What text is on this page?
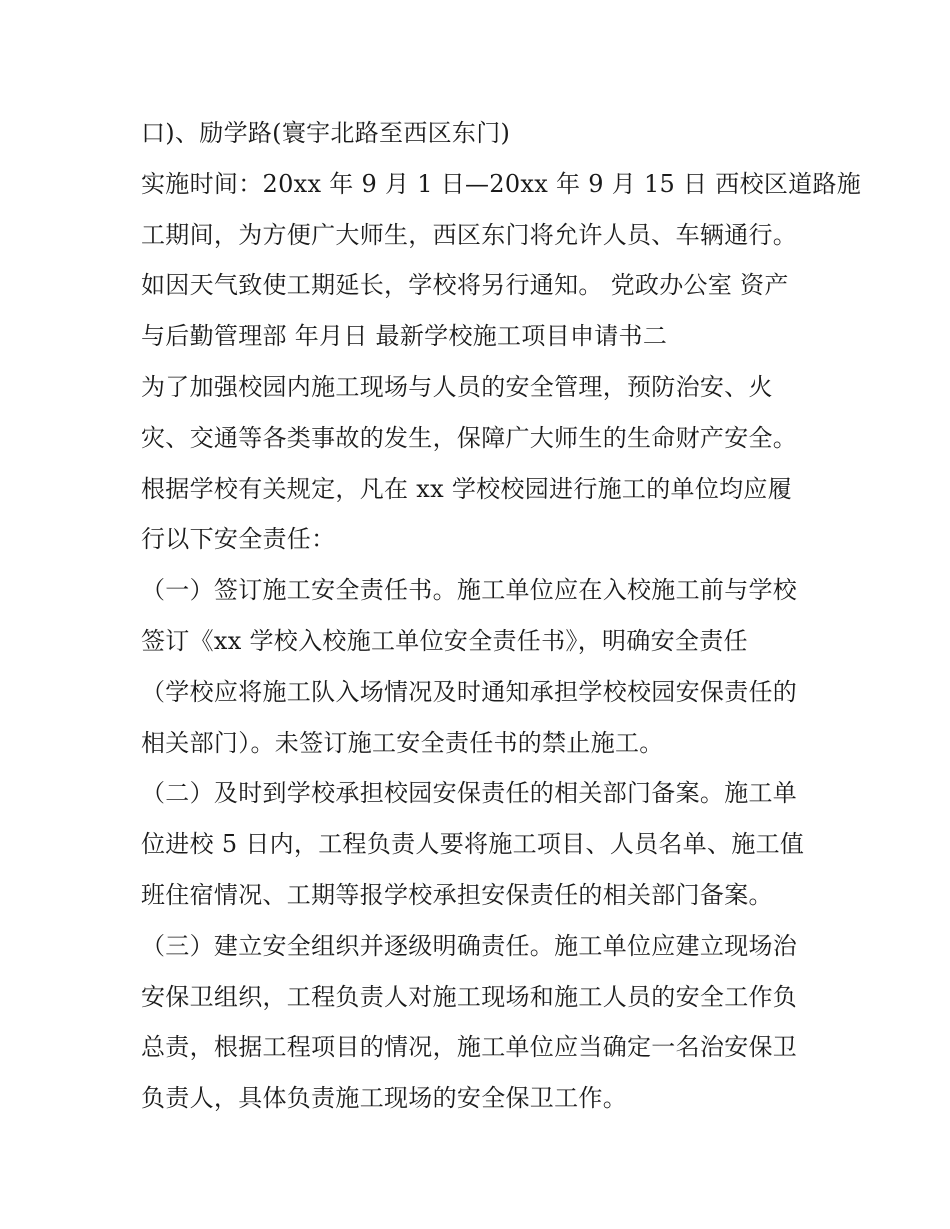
口)、励学路(寰宇北路至西区东门)
实施时间：20xx 年 9 月 1 日—20xx 年 9 月 15 日 西校区道路施
工期间，为方便广大师生，西区东门将允许人员、车辆通行。
如因天气致使工期延长，学校将另行通知。 党政办公室 资产
与后勤管理部 年月日 最新学校施工项目申请书二
为了加强校园内施工现场与人员的安全管理，预防治安、火
灾、交通等各类事故的发生，保障广大师生的生命财产安全。
根据学校有关规定，凡在 xx 学校校园进行施工的单位均应履
行以下安全责任：
（一）签订施工安全责任书。施工单位应在入校施工前与学校
签订《xx 学校入校施工单位安全责任书》，明确安全责任
（学校应将施工队入场情况及时通知承担学校校园安保责任的
相关部门）。未签订施工安全责任书的禁止施工。
（二）及时到学校承担校园安保责任的相关部门备案。施工单
位进校 5 日内，工程负责人要将施工项目、人员名单、施工值
班住宿情况、工期等报学校承担安保责任的相关部门备案。
（三）建立安全组织并逐级明确责任。施工单位应建立现场治
安保卫组织，工程负责人对施工现场和施工人员的安全工作负
总责，根据工程项目的情况，施工单位应当确定一名治安保卫
负责人，具体负责施工现场的安全保卫工作。
